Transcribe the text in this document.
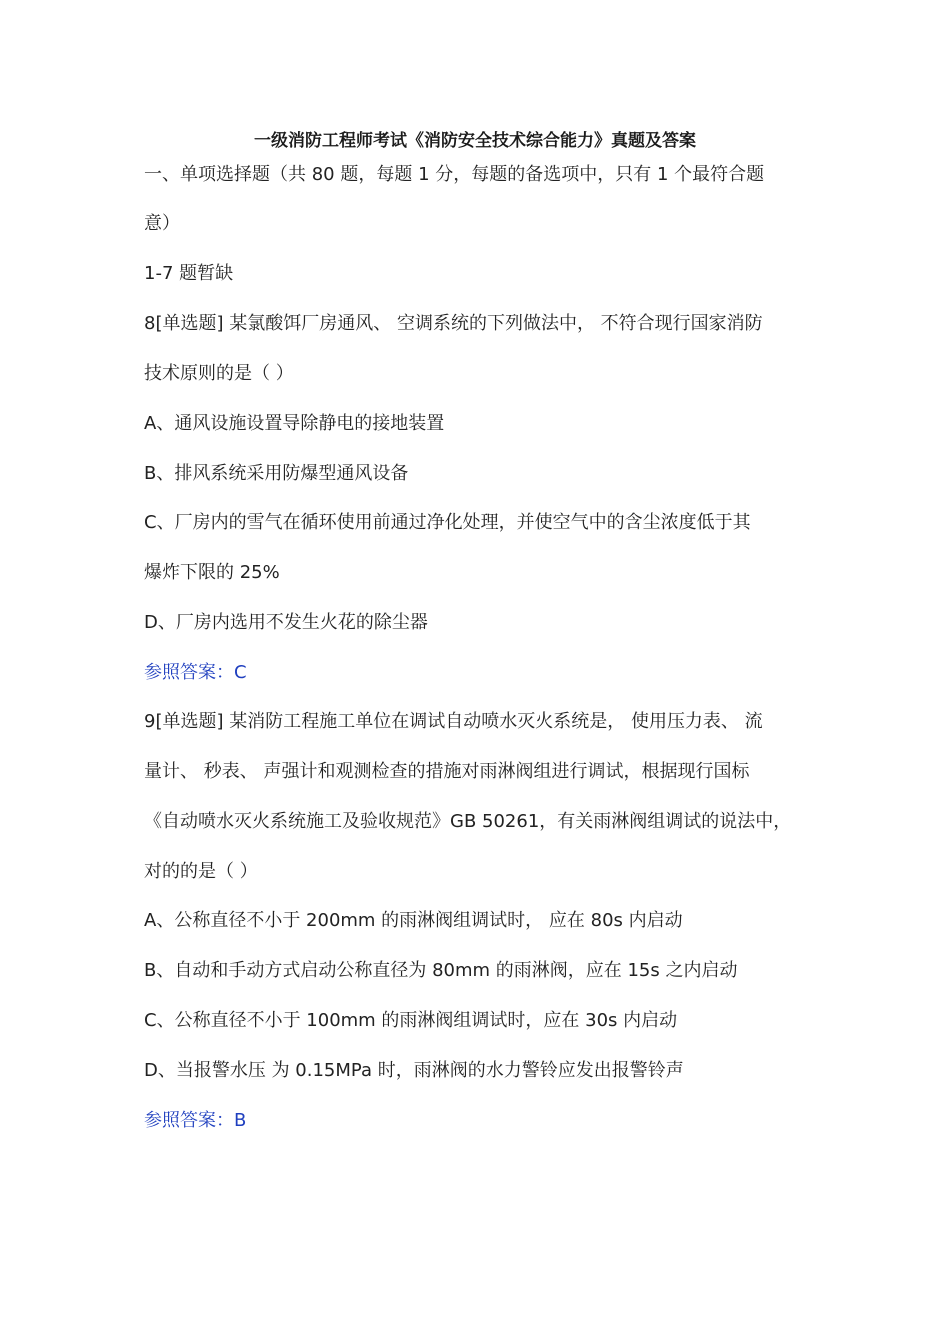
一级消防工程师考试《消防安全技术综合能力》真题及答案
一、单项选择题（共 80 题，每题 1 分，每题的备选项中，只有 1 个最符合题
意）
1-7 题暂缺
8[单选题] 某氯酸饵厂房通风、 空调系统的下列做法中， 不符合现行国家消防
技术原则的是（ ）
A、通风设施设置导除静电的接地装置
B、排风系统采用防爆型通风设备
C、厂房内的雪气在循环使用前通过净化处理，并使空气中的含尘浓度低于其
爆炸下限的 25%
D、厂房内选用不发生火花的除尘器
参照答案：C
9[单选题] 某消防工程施工单位在调试自动喷水灭火系统是， 使用压力表、 流
量计、 秒表、 声强计和观测检查的措施对雨淋阀组进行调试，根据现行国标
《自动喷水灭火系统施工及验收规范》GB 50261，有关雨淋阀组调试的说法中，
对的的是（ ）
A、公称直径不小于 200mm 的雨淋阀组调试时， 应在 80s 内启动
B、自动和手动方式启动公称直径为 80mm 的雨淋阀，应在 15s 之内启动
C、公称直径不小于 100mm 的雨淋阀组调试时，应在 30s 内启动
D、当报警水压 为 0.15MPa 时，雨淋阀的水力警铃应发出报警铃声
参照答案：B
